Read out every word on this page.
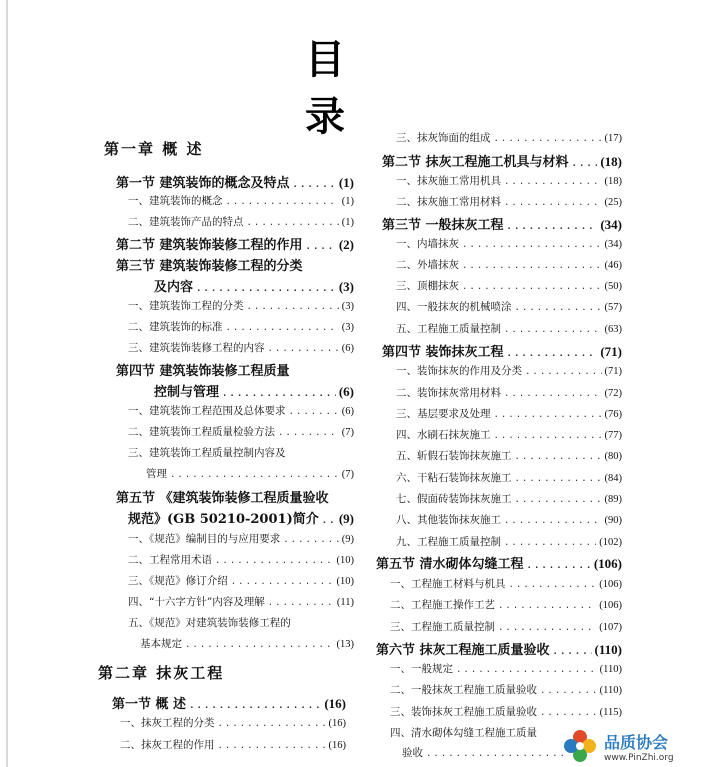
目 录
第一章 概 述
第一节 建筑装饰的概念及特点 .....	(1)
一、建筑装饰的概念 .....	(1)
二、建筑装饰产品的特点 .....	(1)
第二节 建筑装饰装修工程的作用 .....	(2)
第三节 建筑装饰装修工程的分类
及内容 .....	(3)
一、建筑装饰工程的分类 .....	(3)
二、建筑装饰的标准 .....	(3)
三、建筑装饰装修工程的内容 .....	(6)
第四节 建筑装饰装修工程质量
控制与管理 .....	(6)
一、建筑装饰工程范围及总体要求 .....	(6)
二、建筑装饰工程质量检验方法 .....	(7)
三、建筑装饰工程质量控制内容及
管理 .....	(7)
第五节 《建筑装饰装修工程质量验收
规范》(GB 50210-2001)简介 ..... (9)
一、《规范》编制目的与应用要求 .....	(9)
二、工程常用术语 .....	(10)
三、《规范》修订介绍 .....	(10)
四、“十六字方针”内容及理解 .....	(11)
五、《规范》对建筑装饰装修工程的
基本规定 .....	(13)
第二章 抹灰工程
第一节 概 述 .....	(16)
一、抹灰工程的分类 .....	(16)
二、抹灰工程的作用 .....	(16)
三、抹灰饰面的组成 .....	(17)
第二节 抹灰工程施工机具与材料 ..... (18)
一、抹灰施工常用机具 .....	(18)
二、抹灰施工常用材料 .....	(25)
第三节 一般抹灰工程 .....	(34)
一、内墙抹灰 .....	(34)
二、外墙抹灰 .....	(46)
三、顶棚抹灰 .....	(50)
四、一般抹灰的机械喷涂 .....	(57)
五、工程施工质量控制 .....	(63)
第四节 装饰抹灰工程 .....	(71)
一、装饰抹灰的作用及分类 .....	(71)
二、装饰抹灰常用材料 .....	(72)
三、基层要求及处理 .....	(76)
四、水刷石抹灰施工 .....	(77)
五、斩假石装饰抹灰施工 .....	(80)
六、干粘石装饰抹灰施工 .....	(84)
七、假面砖装饰抹灰施工 .....	(89)
八、其他装饰抹灰施工 .....	(90)
九、工程施工质量控制 .....	(102)
第五节 清水砌体勾缝工程 .....	(106)
一、工程施工材料与机具 .....	(106)
二、工程施工操作工艺 .....	(106)
三、工程施工质量控制 .....	(107)
第六节 抹灰工程施工质量验收 .....	(110)
一、一般规定 .....	(110)
二、一般抹灰工程施工质量验收 .....	(110)
三、装饰抹灰工程施工质量验收 .....	(115)
四、清水砌体勾缝工程施工质量
验收
.....
品质协会
www.PinZhi.org
